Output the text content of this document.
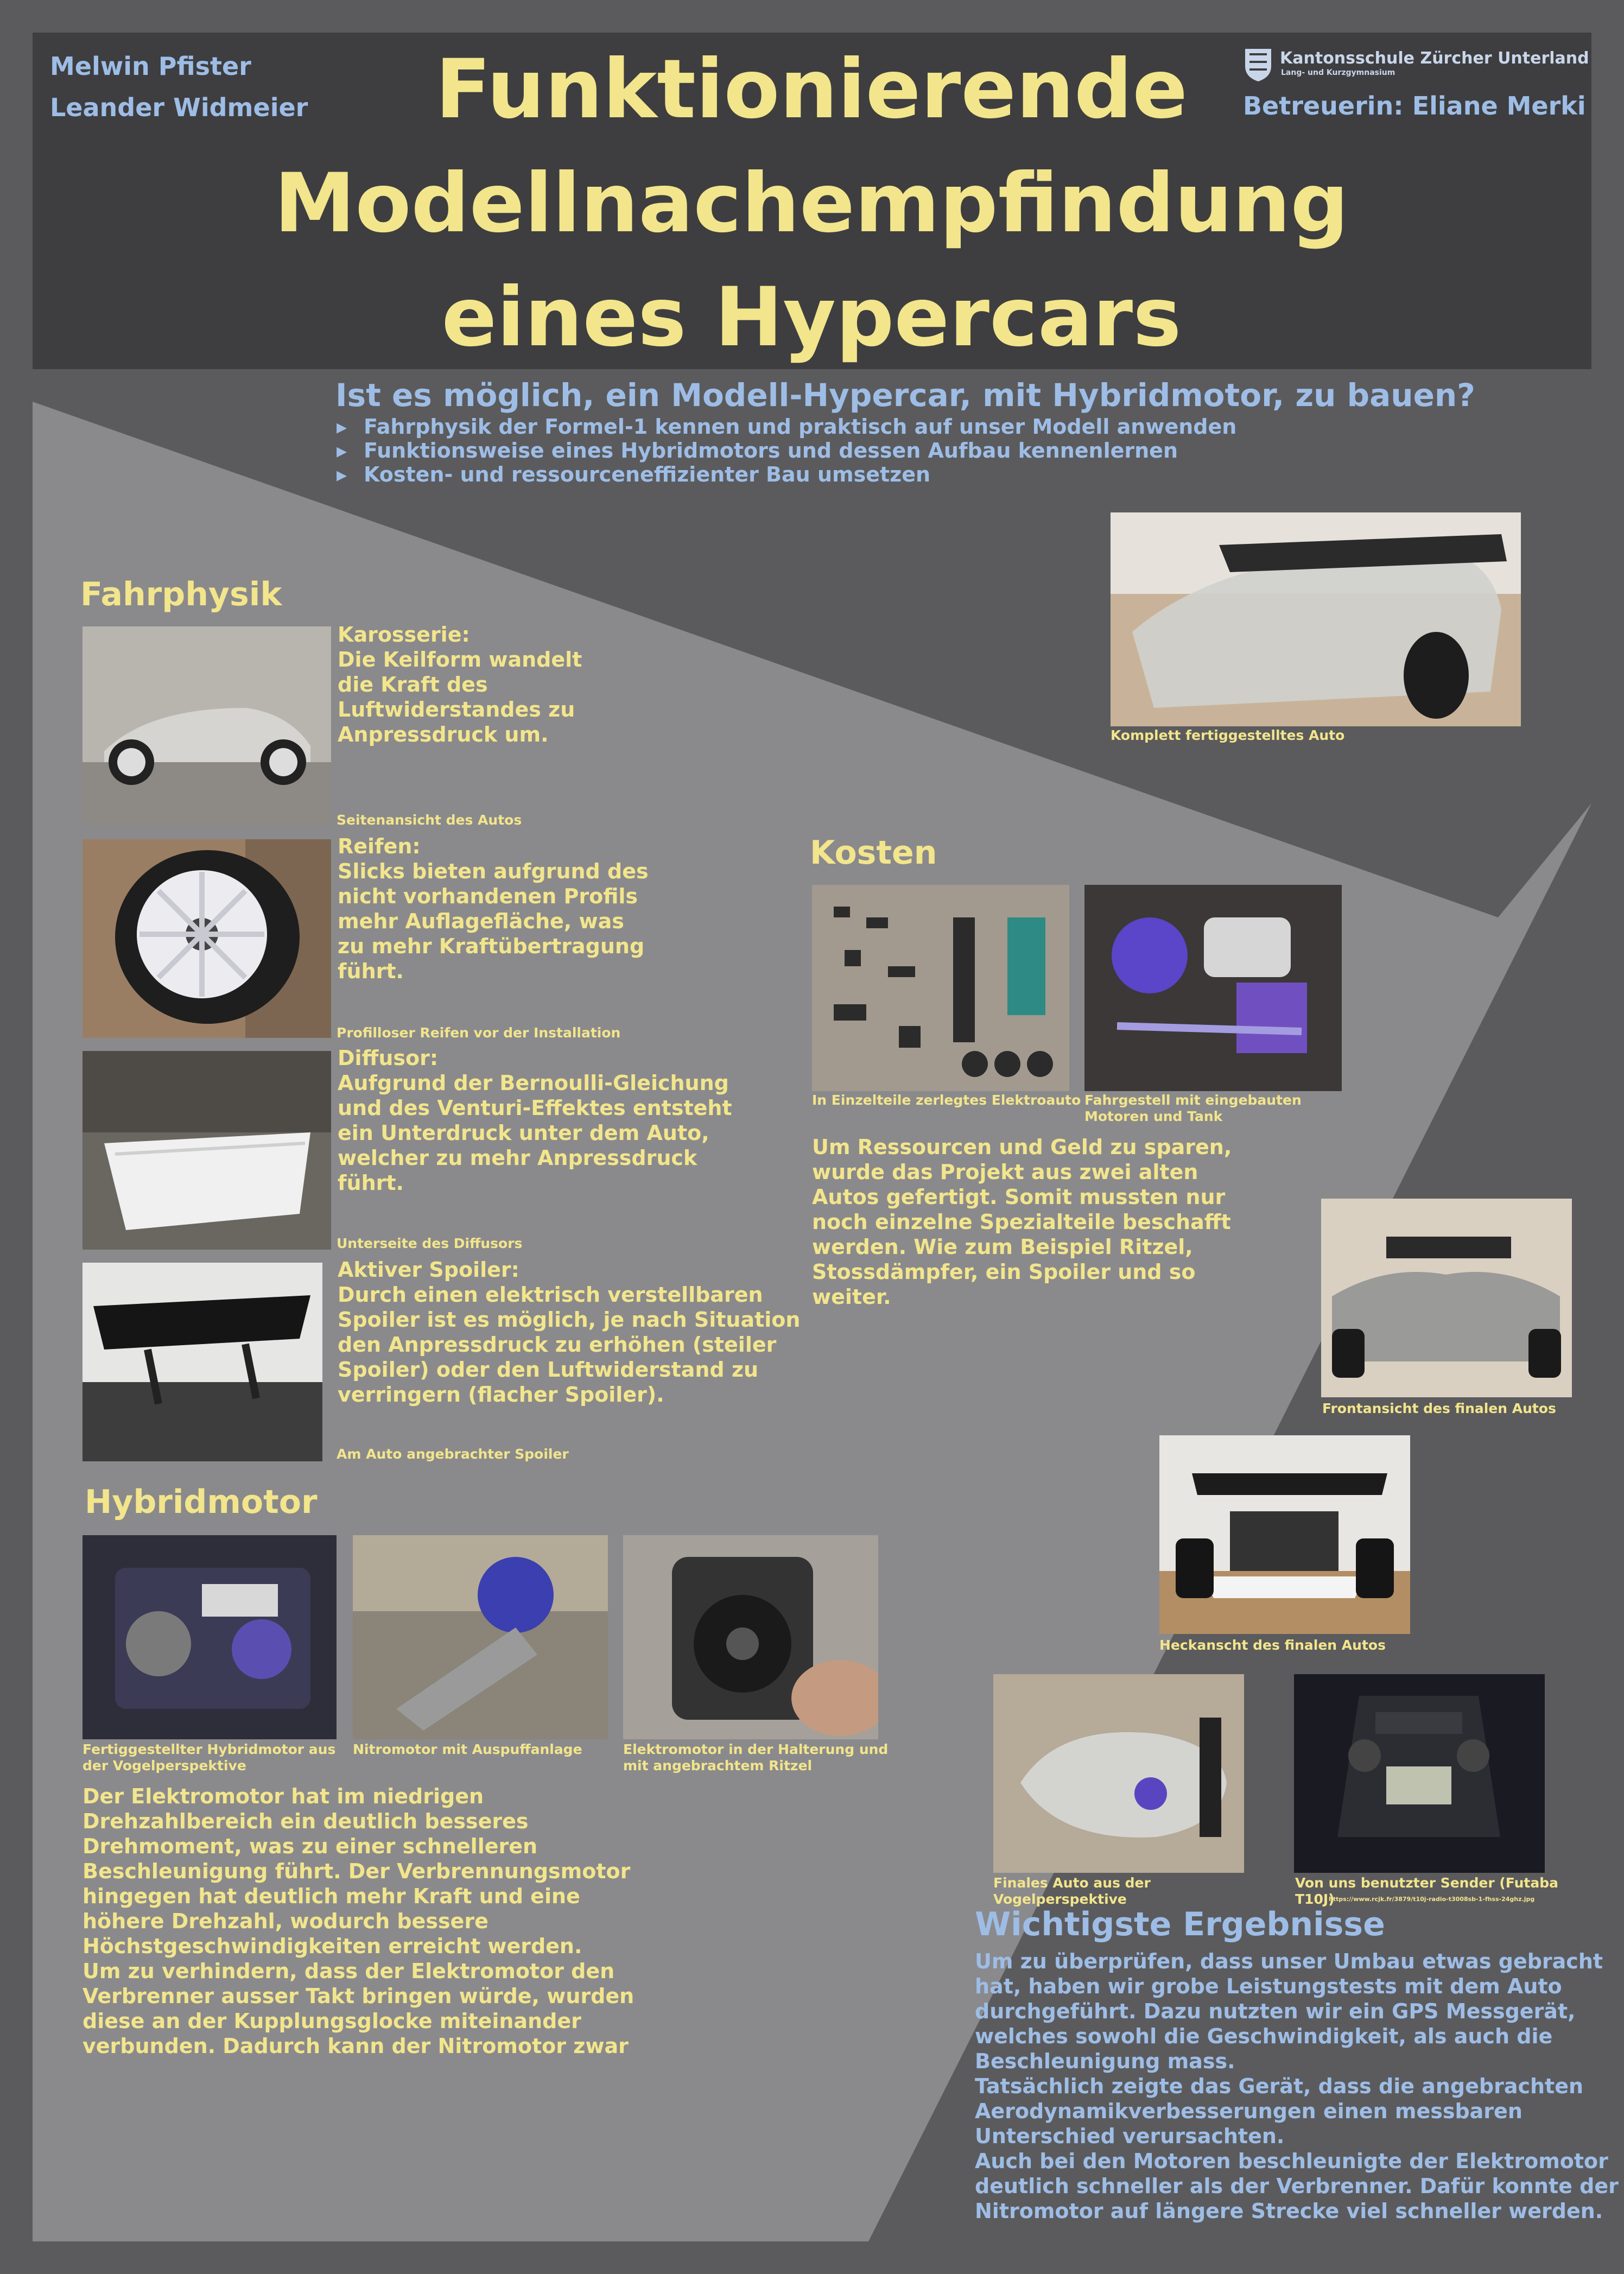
Melwin Pfister
Leander Widmeier	Funktionierende
Modellnachempfindung
eines Hypercars
Kantonsschule Zürcher Unterland
Lang- und Kurzgymnasium
Betreuerin: Eliane Merki
Ist es möglich, ein Modell-Hypercar, mit Hybridmotor, zu bauen?
▸ Fahrphysik der Formel-1 kennen und praktisch auf unser Modell anwenden
▸ Funktionsweise eines Hybridmotors und dessen Aufbau kennenlernen
▸ Kosten- und ressourceneffizienter Bau umsetzen
Fahrphysik
Karosserie:
Die Keilform wandelt
die Kraft des
Luftwiderstandes zu
Anpressdruck um.
Seitenansicht des Autos
Reifen:
Slicks bieten aufgrund des
nicht vorhandenen Profils
mehr Auflagefläche, was
zu mehr Kraftübertragung
führt.
Profilloser Reifen vor der Installation
Diffusor:
Aufgrund der Bernoulli-Gleichung
und des Venturi-Effektes entsteht
ein Unterdruck unter dem Auto,
welcher zu mehr Anpressdruck
führt.
Unterseite des Diffusors
Aktiver Spoiler:
Durch einen elektrisch verstellbaren
Spoiler ist es möglich, je nach Situation
den Anpressdruck zu erhöhen (steiler
Spoiler) oder den Luftwiderstand zu
verringern (flacher Spoiler).
Am Auto angebrachter Spoiler
Hybridmotor
Fertiggestellter Hybridmotor aus
der Vogelperspektive
Nitromotor mit Auspuffanlage	Elektromotor in der Halterung und
mit angebrachtem Ritzel
Der Elektromotor hat im niedrigen
Drehzahlbereich ein deutlich besseres
Drehmoment, was zu einer schnelleren
Beschleunigung führt. Der Verbrennungsmotor
hingegen hat deutlich mehr Kraft und eine
höhere Drehzahl, wodurch bessere
Höchstgeschwindigkeiten erreicht werden.
Um zu verhindern, dass der Elektromotor den
Verbrenner ausser Takt bringen würde, wurden
diese an der Kupplungsglocke miteinander
verbunden. Dadurch kann der Nitromotor zwar
Kosten
In Einzelteile zerlegtes Elektroauto Fahrgestell mit eingebauten
Motoren und Tank
Um Ressourcen und Geld zu sparen,
wurde das Projekt aus zwei alten
Autos gefertigt. Somit mussten nur
noch einzelne Spezialteile beschafft
werden. Wie zum Beispiel Ritzel,
Stossdämpfer, ein Spoiler und so
weiter.
Komplett fertiggestelltes Auto
Frontansicht des finalen Autos
Heckanscht des finalen Autos
Finales Auto aus der
Vogelperspektive
Von uns benutzter Sender (Futaba
T10J)
https://www.rcjk.fr/3879/t10j-radio-t3008sb-1-fhss-24ghz.jpg
Wichtigste Ergebnisse
Um zu überprüfen, dass unser Umbau etwas gebracht
hat, haben wir grobe Leistungstests mit dem Auto
durchgeführt. Dazu nutzten wir ein GPS Messgerät,
welches sowohl die Geschwindigkeit, als auch die
Beschleunigung mass.
Tatsächlich zeigte das Gerät, dass die angebrachten
Aerodynamikverbesserungen einen messbaren
Unterschied verursachten.
Auch bei den Motoren beschleunigte der Elektromotor
deutlich schneller als der Verbrenner. Dafür konnte der
Nitromotor auf längere Strecke viel schneller werden.
